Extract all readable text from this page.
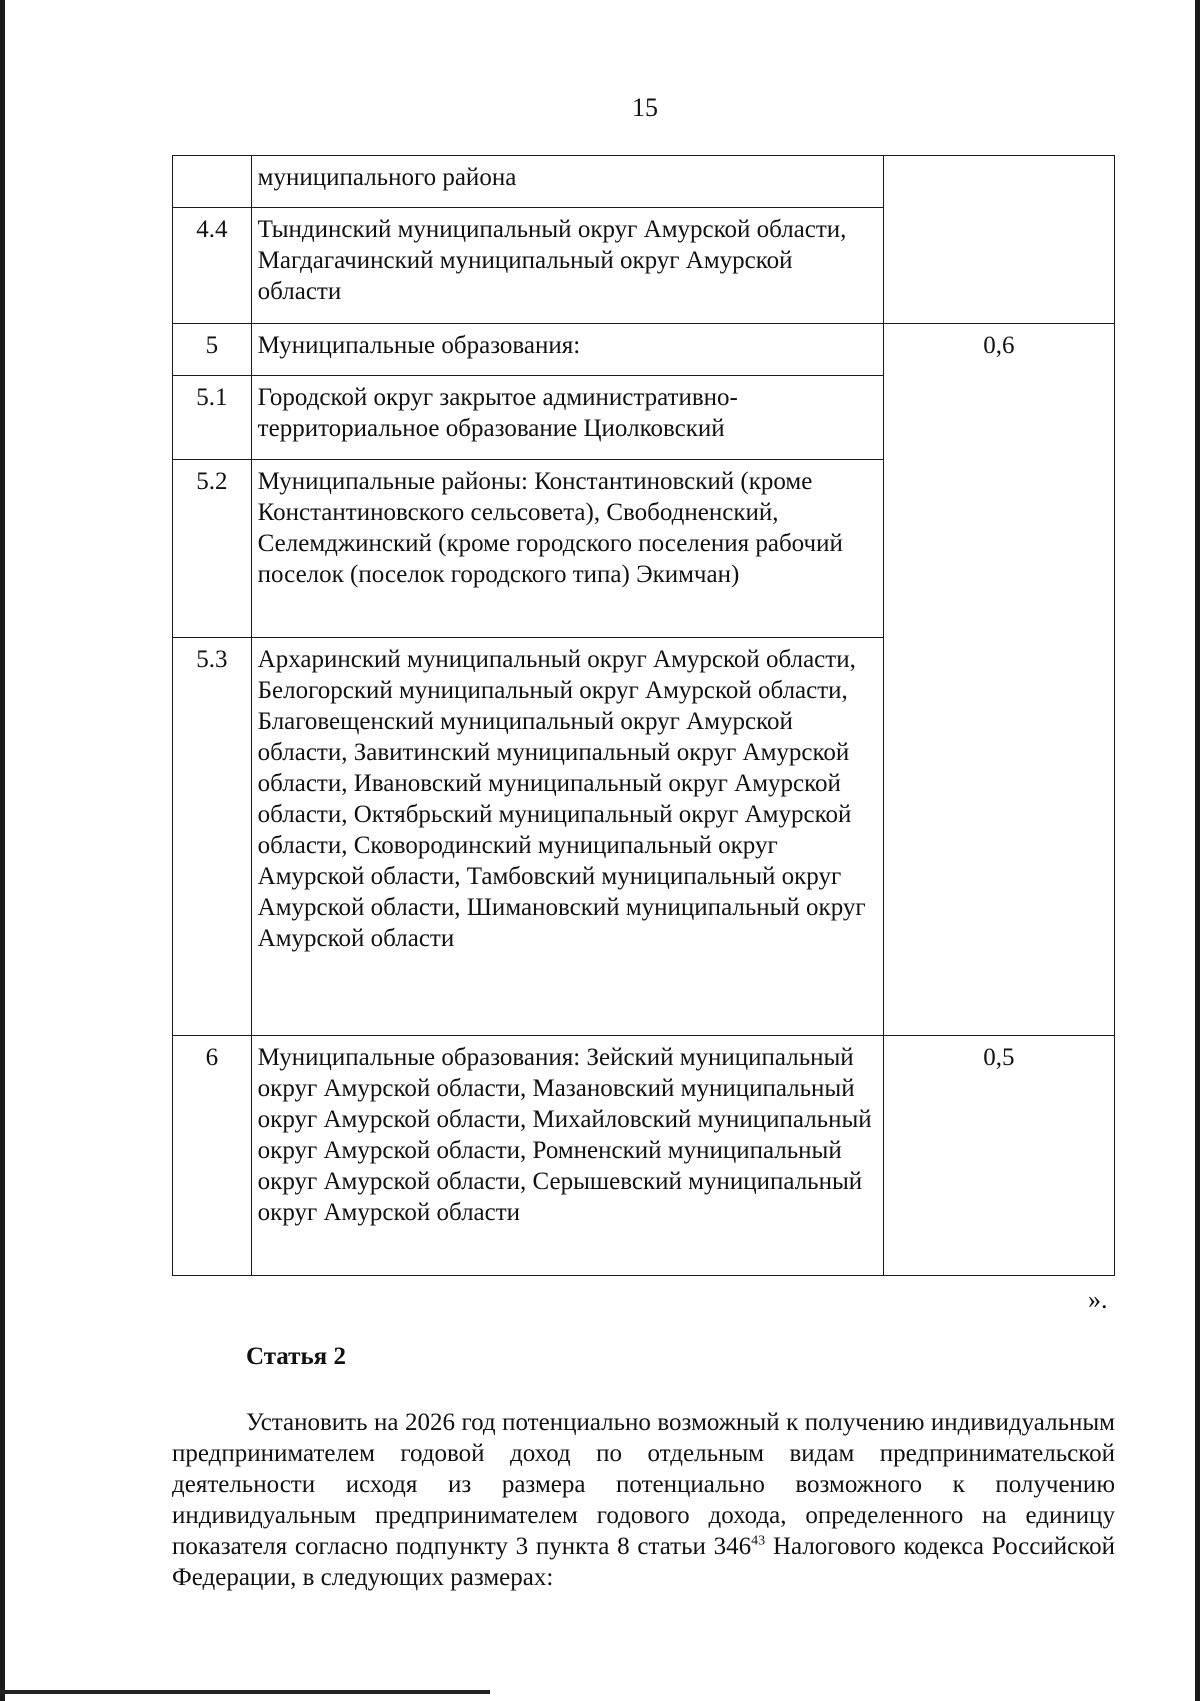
15
	муниципального района	
4.4	Тындинский муниципальный округ Амурской области, Магдагачинский муниципальный округ Амурской области	
5	Муниципальные образования:	0,6
5.1	Городской округ закрытое административно-территориальное образование Циолковский	
5.2	Муниципальные районы: Константиновский (кроме Константиновского сельсовета), Свободненский, Селемджинский (кроме городского поселения рабочий поселок (поселок городского типа) Экимчан)	
5.3	Архаринский муниципальный округ Амурской области, Белогорский муниципальный округ Амурской области, Благовещенский муниципальный округ Амурской области, Завитинский муниципальный округ Амурской области, Ивановский муниципальный округ Амурской области, Октябрьский муниципальный округ Амурской области, Сковородинский муниципальный округ Амурской области, Тамбовский муниципальный округ Амурской области, Шимановский муниципальный округ Амурской области	
6	Муниципальные образования: Зейский муниципальный округ Амурской области, Мазановский муниципальный округ Амурской области, Михайловский муниципальный округ Амурской области, Ромненский муниципальный округ Амурской области, Серышевский муниципальный округ Амурской области	0,5
».
Статья 2

Установить на 2026 год потенциально возможный к получению индивидуальным предпринимателем годовой доход по отдельным видам предпринимательской деятельности исходя из размера потенциально возможного к получению индивидуальным предпринимателем годового дохода, определенного на единицу показателя согласно подпункту 3 пункта 8 статьи $346^{43}$ Налогового кодекса Российской Федерации, в следующих размерах:
